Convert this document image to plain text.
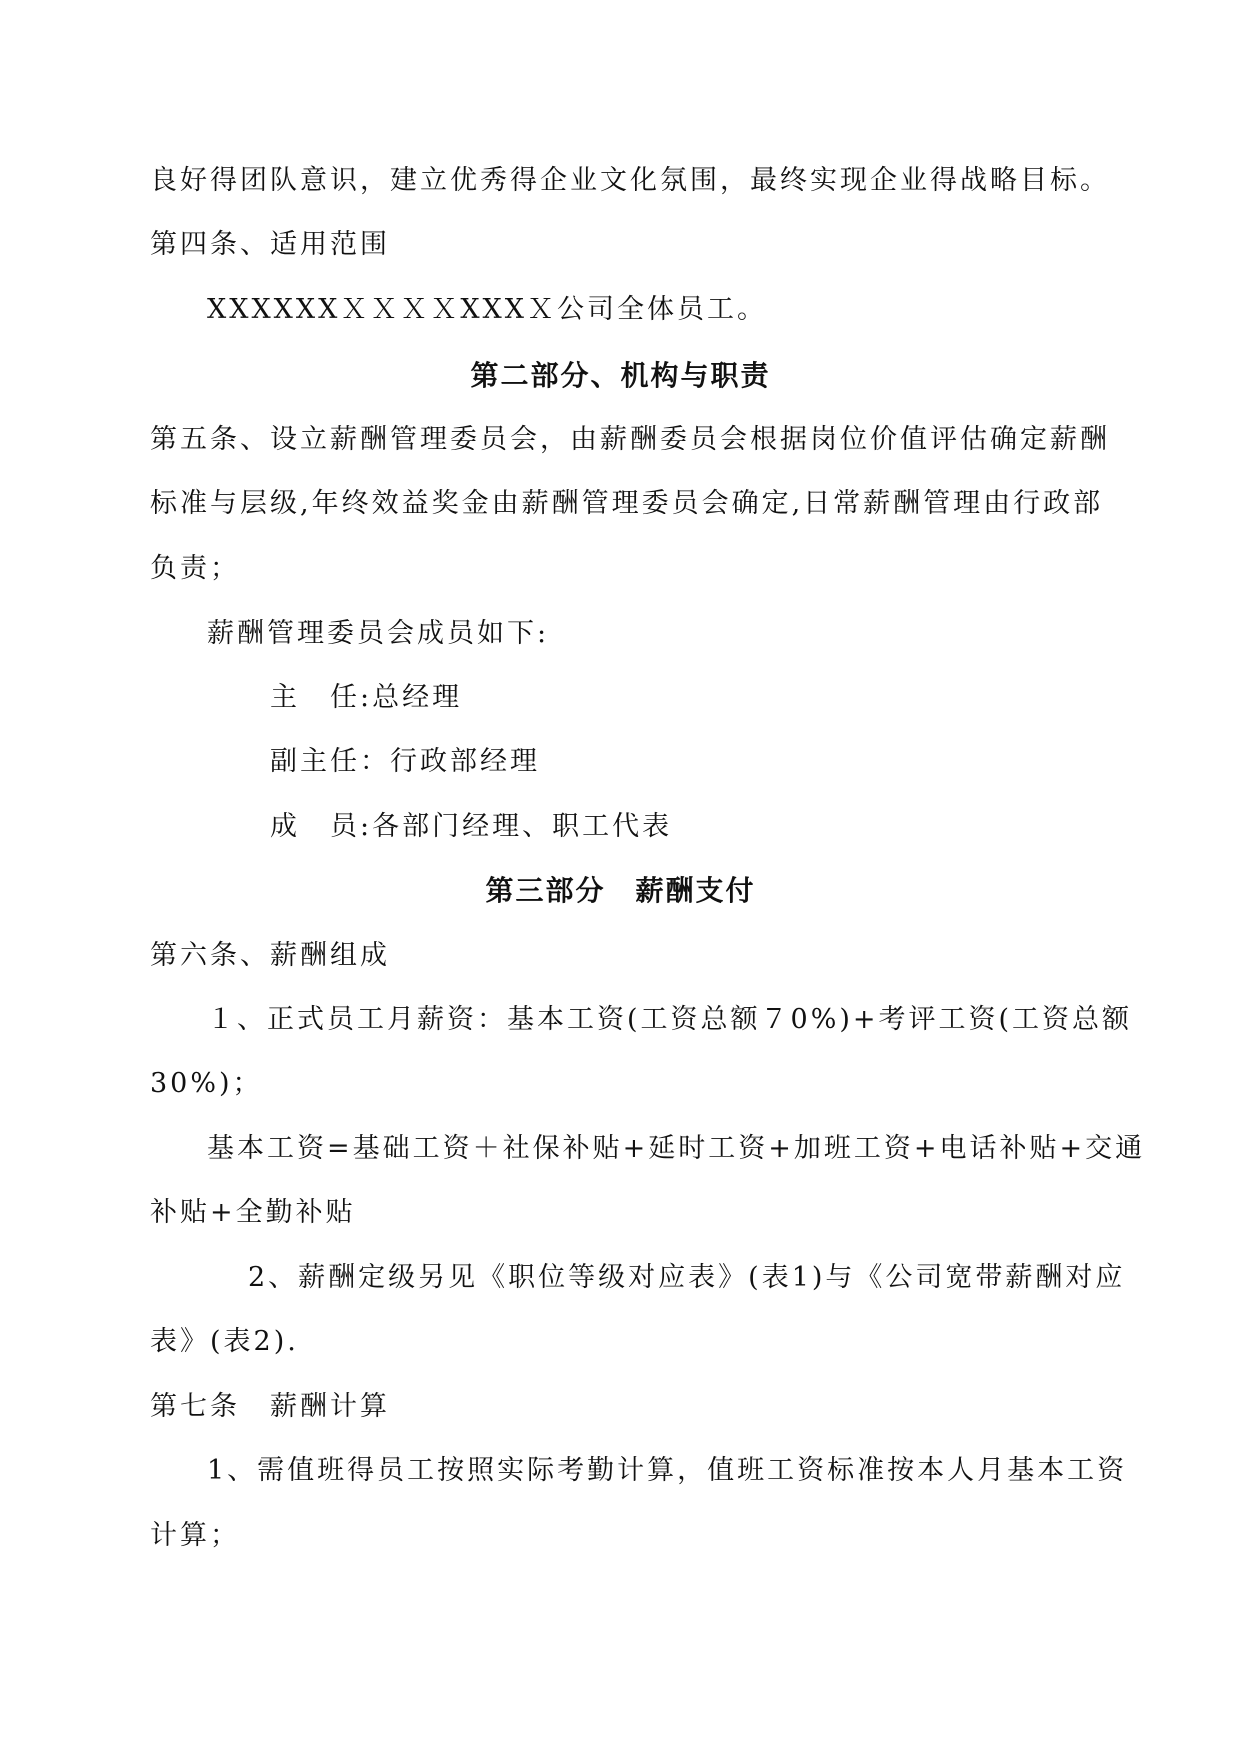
良好得团队意识，建立优秀得企业文化氛围，最终实现企业得战略目标。
第四条、适用范围
XXXXXXＸＸＸＸXXXＸ公司全体员工。
第二部分、机构与职责
第五条、设立薪酬管理委员会，由薪酬委员会根据岗位价值评估确定薪酬
标准与层级,年终效益奖金由薪酬管理委员会确定,日常薪酬管理由行政部
负责；
薪酬管理委员会成员如下:
主　任:总经理
副主任：行政部经理
成　员:各部门经理、职工代表
第三部分　薪酬支付
第六条、薪酬组成
１、正式员工月薪资：基本工资(工资总额７0%)+考评工资(工资总额
30%)；
基本工资=基础工资＋社保补贴+延时工资+加班工资+电话补贴+交通
补贴+全勤补贴
2、薪酬定级另见《职位等级对应表》(表1)与《公司宽带薪酬对应
表》(表2).
第七条　薪酬计算
1、需值班得员工按照实际考勤计算，值班工资标准按本人月基本工资
计算；
